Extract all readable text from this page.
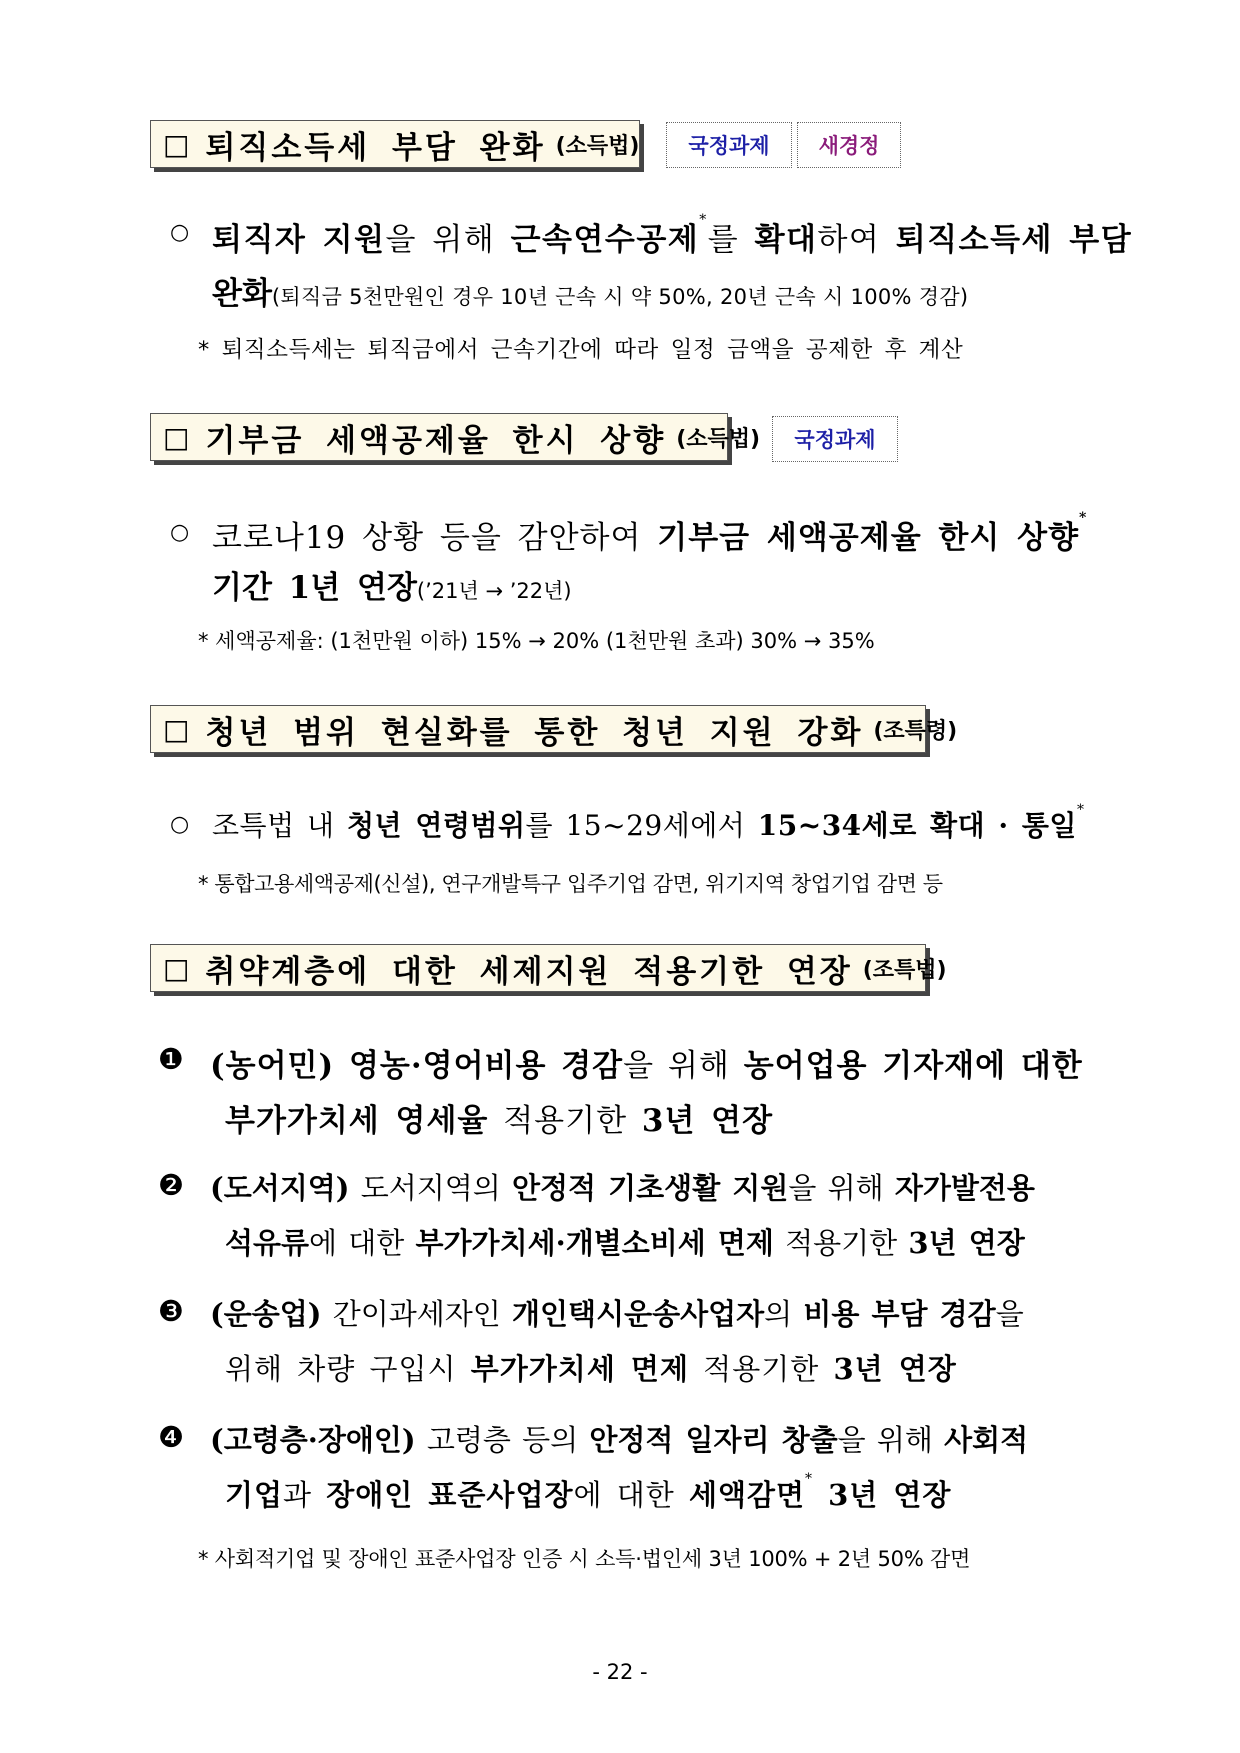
□ 퇴직소득세 부담 완화 (소득법)	국정과제	새경정
○ 퇴직자 지원을 위해 근속연수공제*를 확대하여 퇴직소득세 부담
완화(퇴직금 5천만원인 경우 10년 근속 시 약 50%, 20년 근속 시 100% 경감)
* 퇴직소득세는 퇴직금에서 근속기간에 따라 일정 금액을 공제한 후 계산
□ 기부금 세액공제율 한시 상향 (소득법)	국정과제
○ 코로나19 상황 등을 감안하여 기부금 세액공제율 한시 상향*
기간 1년 연장(’21년 → ’22년)
* 세액공제율: (1천만원 이하) 15% → 20% (1천만원 초과) 30% → 35%
□ 청년 범위 현실화를 통한 청년 지원 강화 (조특령)
○ 조특법 내 청년 연령범위를 15~29세에서 15~34세로 확대 · 통일*
* 통합고용세액공제(신설), 연구개발특구 입주기업 감면, 위기지역 창업기업 감면 등
□ 취약계층에 대한 세제지원 적용기한 연장 (조특법)
❶ (농어민) 영농·영어비용 경감을 위해 농어업용 기자재에 대한
부가가치세 영세율 적용기한 3년 연장
❷ (도서지역) 도서지역의 안정적 기초생활 지원을 위해 자가발전용
석유류에 대한 부가가치세·개별소비세 면제 적용기한 3년 연장
❸ (운송업) 간이과세자인 개인택시운송사업자의 비용 부담 경감을
위해 차량 구입시 부가가치세 면제 적용기한 3년 연장
❹ (고령층·장애인) 고령층 등의 안정적 일자리 창출을 위해 사회적
기업과 장애인 표준사업장에 대한 세액감면* 3년 연장
* 사회적기업 및 장애인 표준사업장 인증 시 소득·법인세 3년 100% + 2년 50% 감면
- 22 -
